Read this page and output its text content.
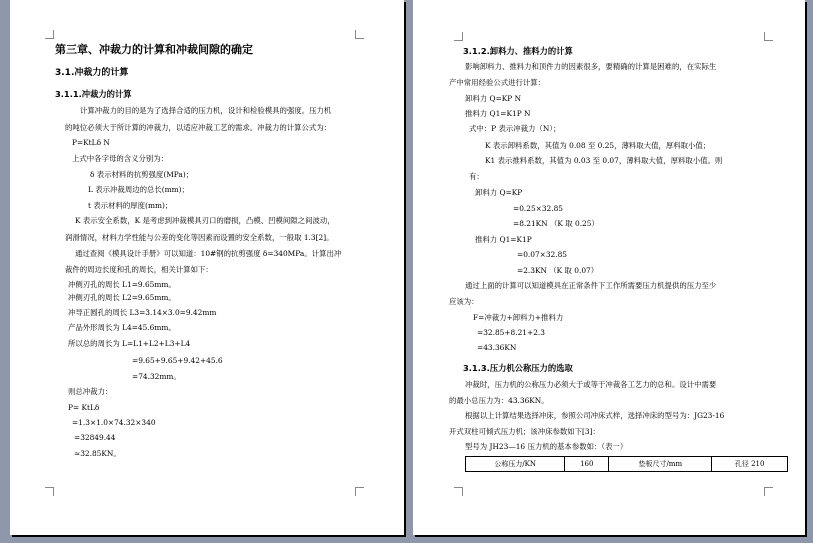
第三章、冲裁力的计算和冲裁间隙的确定
3.1.冲裁力的计算
3.1.1.冲裁力的计算
计算冲裁力的目的是为了选择合适的压力机，设计和检验模具的强度。压力机
的吨位必须大于所计算的冲裁力，以适应冲裁工艺的需求。冲裁力的计算公式为：
P=KtLδ N
上式中各字母的含义分别为：
δ 表示材料的抗剪强度(MPa)；
L 表示冲裁周边的总长(mm)；
t 表示材料的厚度(mm)；
K 表示安全系数，K 是考虑到冲裁模具刃口的磨损，凸模、凹模间隙之间波动，
润滑情况，材料力学性能与公差的变化等因素而设置的安全系数，一般取 1.3[2]。
通过查阅《模具设计手册》可以知道：10#钢的抗剪强度 δ=340MPa。计算出冲
裁件的周边长度和孔的周长，相关计算如下：
冲侧刃孔的周长 L1=9.65mm。
冲侧刃孔的周长 L2=9.65mm。
冲导正圆孔的周长 L3=3.14×3.0=9.42mm
产品外形周长为 L4=45.6mm。
所以总的周长为 L=L1+L2+L3+L4
=9.65+9.65+9.42+45.6
=74.32mm。
则总冲裁力：
P= KtLδ
=1.3×1.0×74.32×340
=32849.44
≈32.85KN。
3.1.2.卸料力、推料力的计算
3.1.3.压力机公称压力的选取
影响卸料力、推料力和顶件力的因素很多，要精确的计算是困难的，在实际生
产中常用经验公式进行计算：
卸料力 Q=KP N
推料力 Q1=K1P N
式中：P 表示冲裁力（N）；
K 表示卸料系数，其值为 0.08 至 0.25，薄料取大值，厚料取小值；
K1 表示推料系数，其值为 0.03 至 0.07，薄料取大值，厚料取小值。则
有：
卸料力 Q=KP
=0.25×32.85
=8.21KN （K 取 0.25）
推料力 Q1=K1P
=0.07×32.85
=2.3KN （K 取 0.07）
通过上面的计算可以知道模具在正常条件下工作所需要压力机提供的压力至少
应该为：
F=冲裁力+卸料力+推料力
=32.85+8.21+2.3
=43.36KN
冲裁时，压力机的公称压力必须大于或等于冲裁各工艺力的总和。设计中需要
的最小总压力为：43.36KN。
根据以上计算结果选择冲床，参照公司冲床式样，选择冲床的型号为：JG23-16
开式双柱可倾式压力机；该冲床参数如下[3]：
型号为 JH23—16 压力机的基本参数如：（表一）
公称压力/KN	160	垫板尺寸/mm	孔径 210
